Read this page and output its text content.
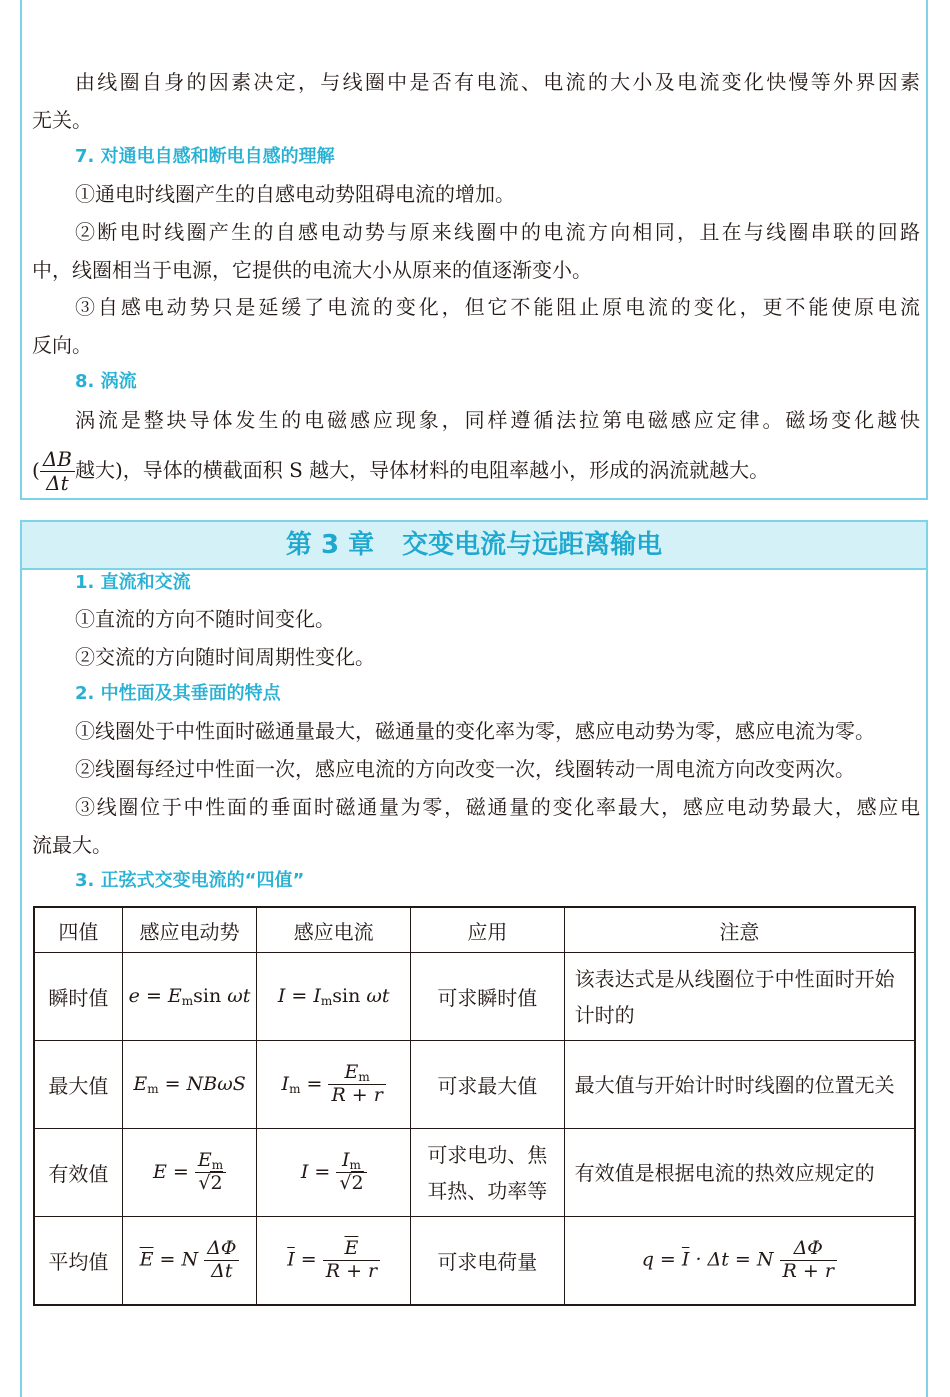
由线圈自身的因素决定，与线圈中是否有电流、电流的大小及电流变化快慢等外界因素
无关。
7. 对通电自感和断电自感的理解
①通电时线圈产生的自感电动势阻碍电流的增加。
②断电时线圈产生的自感电动势与原来线圈中的电流方向相同，且在与线圈串联的回路
中，线圈相当于电源，它提供的电流大小从原来的值逐渐变小。
③自感电动势只是延缓了电流的变化，但它不能阻止原电流的变化，更不能使原电流
反向。
8. 涡流
涡流是整块导体发生的电磁感应现象，同样遵循法拉第电磁感应定律。磁场变化越快
( $\frac{\Delta B}{\Delta t}$ 越大)，导体的横截面积 S 越大，导体材料的电阻率越小，形成的涡流就越大。
第 3 章 交变电流与远距离输电
1. 直流和交流
①直流的方向不随时间变化。
②交流的方向随时间周期性变化。
2. 中性面及其垂面的特点
①线圈处于中性面时磁通量最大，磁通量的变化率为零，感应电动势为零，感应电流为零。
②线圈每经过中性面一次，感应电流的方向改变一次，线圈转动一周电流方向改变两次。
③线圈位于中性面的垂面时磁通量为零，磁通量的变化率最大，感应电动势最大，感应电
流最大。
3. 正弦式交变电流的“四值”
四值	感应电动势	感应电流	应用	注意
瞬时值	$e = E_m\sin$ ωt	$I = I_m\sin$ ωt	可求瞬时值	该表达式是从线圈位于中性面时开始计时的
最大值	$E_m = NB\omega S$	$I_m = \frac{E_m}{R + r}$	可求最大值	最大值与开始计时时线圈的位置无关
有效值	$E = \frac{E_m}{√2}$	$I = \frac{I_m}{√2}$	可求电功、焦耳热、功率等	有效值是根据电流的热效应规定的
平均值	$\overline{E} = N \frac{\Delta\Phi}{\Delta t}$	$\overline{I} = \frac{\overline{E}}{R + r}$	可求电荷量	$q = \overline{I} \cdot \Delta t = N \frac{\Delta\Phi}{R + r}$
